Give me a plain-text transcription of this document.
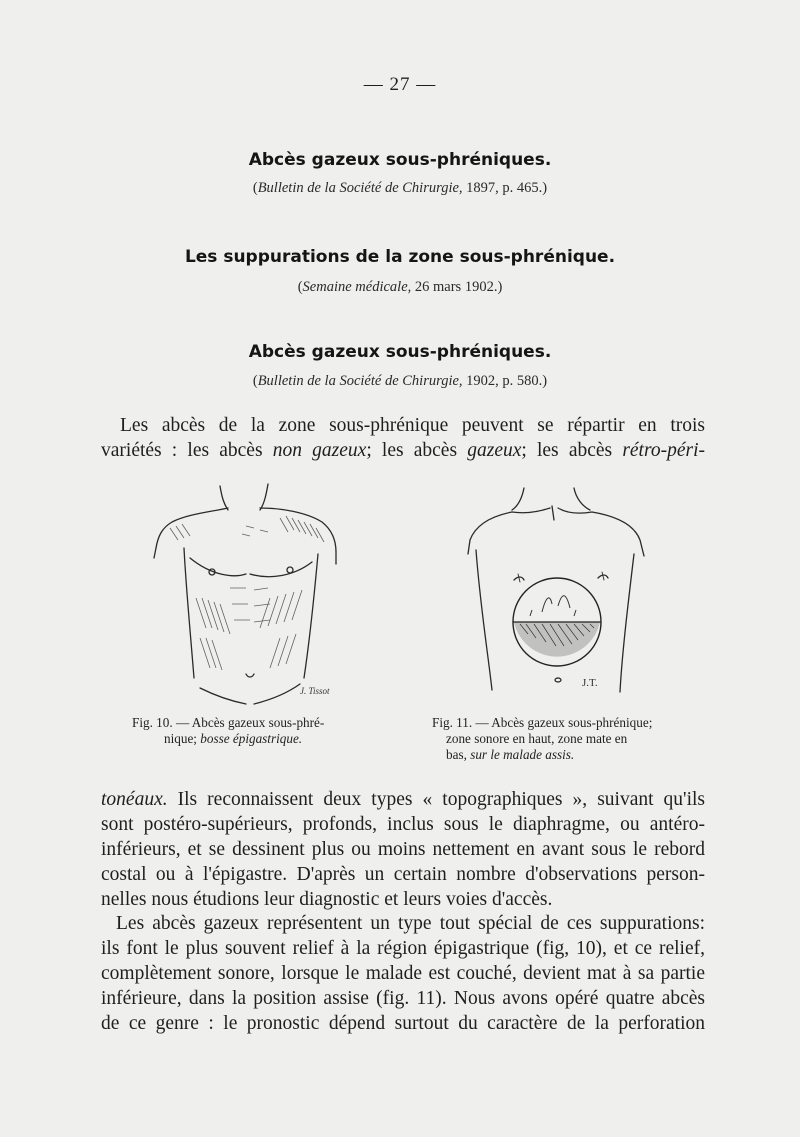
— 27 —
Abcès gazeux sous-phréniques.
(Bulletin de la Société de Chirurgie, 1897, p. 465.)
Les suppurations de la zone sous-phrénique.
(Semaine médicale, 26 mars 1902.)
Abcès gazeux sous-phréniques.
(Bulletin de la Société de Chirurgie, 1902, p. 580.)
Les abcès de la zone sous-phrénique peuvent se répartir en trois
variétés : les abcès non gazeux; les abcès gazeux; les abcès rétro-péri-
J. Tissot
J.T.
Fig. 10. — Abcès gazeux sous-phré-
nique; bosse épigastrique.
Fig. 11. — Abcès gazeux sous-phrénique;
zone sonore en haut, zone mate en
bas, sur le malade assis.
tonéaux. Ils reconnaissent deux types « topographiques », suivant qu'ils
sont postéro-supérieurs, profonds, inclus sous le diaphragme, ou antéro-
inférieurs, et se dessinent plus ou moins nettement en avant sous le rebord
costal ou à l'épigastre. D'après un certain nombre d'observations person-
nelles nous étudions leur diagnostic et leurs voies d'accès.
Les abcès gazeux représentent un type tout spécial de ces suppurations:
ils font le plus souvent relief à la région épigastrique (fig, 10), et ce relief,
complètement sonore, lorsque le malade est couché, devient mat à sa partie
inférieure, dans la position assise (fig. 11). Nous avons opéré quatre abcès
de ce genre : le pronostic dépend surtout du caractère de la perforation
